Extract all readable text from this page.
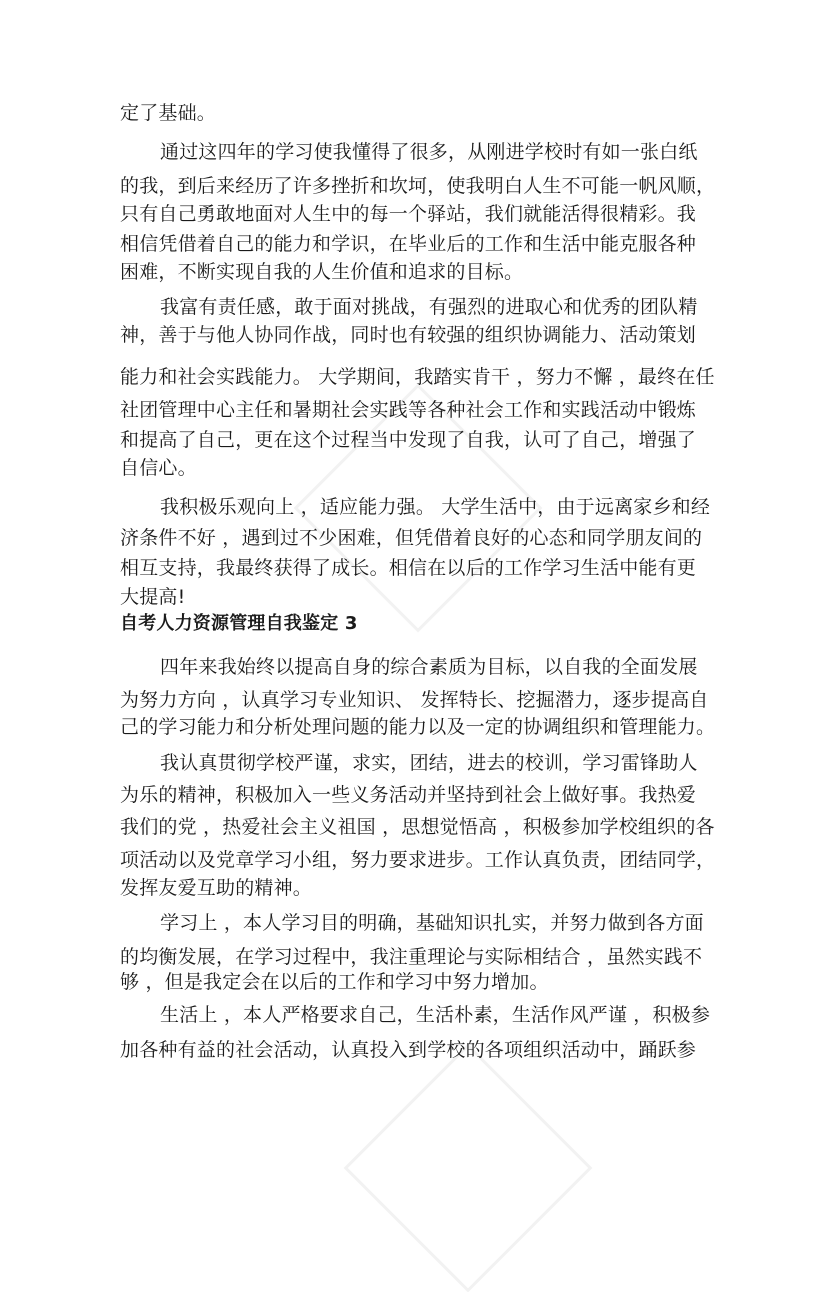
定了基础。
通过这四年的学习使我懂得了很多，从刚进学校时有如一张白纸
的我，到后来经历了许多挫折和坎坷，使我明白人生不可能一帆风顺，
只有自己勇敢地面对人生中的每一个驿站，我们就能活得很精彩。我
相信凭借着自己的能力和学识，在毕业后的工作和生活中能克服各种
困难，不断实现自我的人生价值和追求的目标。
我富有责任感，敢于面对挑战，有强烈的进取心和优秀的团队精
神，善于与他人协同作战，同时也有较强的组织协调能力、活动策划
能力和社会实践能力。 大学期间，我踏实肯干 ，努力不懈 ，最终在任
社团管理中心主任和暑期社会实践等各种社会工作和实践活动中锻炼
和提高了自己，更在这个过程当中发现了自我，认可了自己，增强了
自信心。
我积极乐观向上 ，适应能力强。 大学生活中，由于远离家乡和经
济条件不好 ，遇到过不少困难，但凭借着良好的心态和同学朋友间的
相互支持，我最终获得了成长。相信在以后的工作学习生活中能有更
大提高!
自考人力资源管理自我鉴定 3
四年来我始终以提高自身的综合素质为目标，以自我的全面发展
为努力方向 ，认真学习专业知识、 发挥特长、挖掘潜力，逐步提高自
己的学习能力和分析处理问题的能力以及一定的协调组织和管理能力。
我认真贯彻学校严谨，求实，团结，进去的校训，学习雷锋助人
为乐的精神，积极加入一些义务活动并坚持到社会上做好事。我热爱
我们的党 ，热爱社会主义祖国 ，思想觉悟高 ，积极参加学校组织的各
项活动以及党章学习小组，努力要求进步。工作认真负责，团结同学，
发挥友爱互助的精神。
学习上 ，本人学习目的明确，基础知识扎实，并努力做到各方面
的均衡发展，在学习过程中，我注重理论与实际相结合 ，虽然实践不
够 ，但是我定会在以后的工作和学习中努力增加。
生活上 ，本人严格要求自己，生活朴素，生活作风严谨 ，积极参
加各种有益的社会活动，认真投入到学校的各项组织活动中，踊跃参
